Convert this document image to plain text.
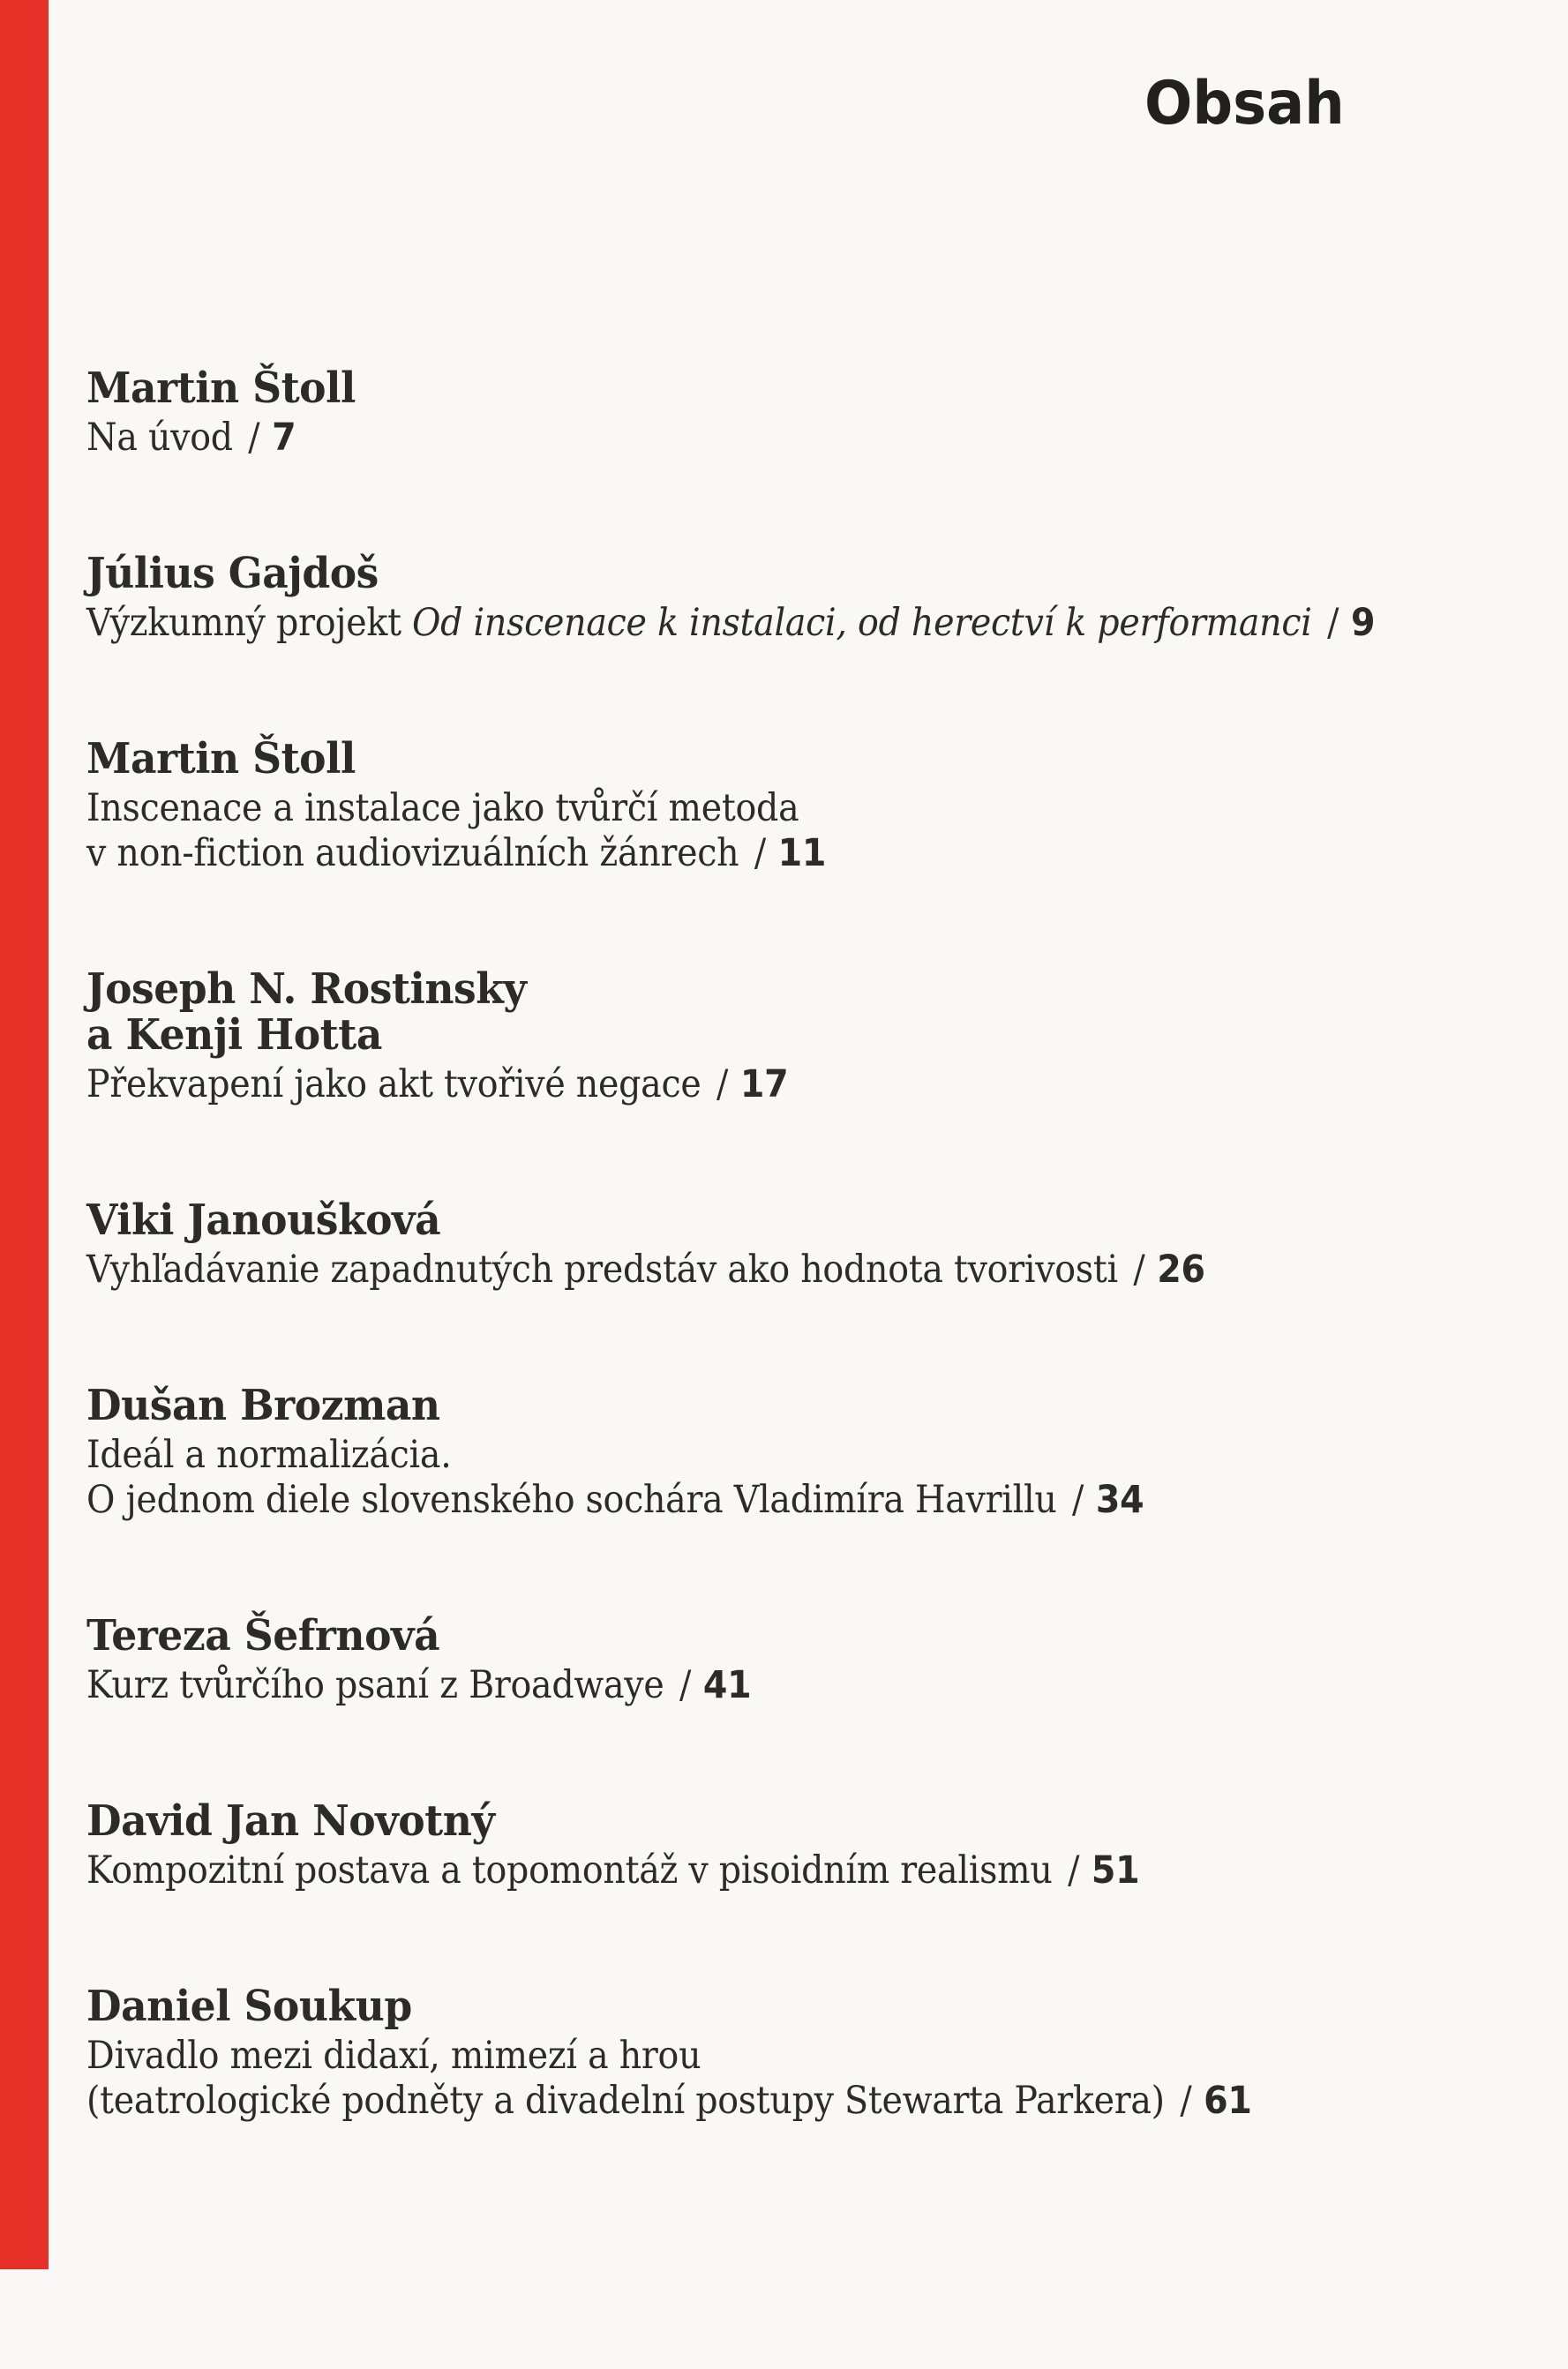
Obsah
Martin Štoll
Na úvod / 7
Július Gajdoš
Výzkumný projekt Od inscenace k instalaci, od herectví k performanci / 9
Martin Štoll
Inscenace a instalace jako tvůrčí metoda
v non-fiction audiovizuálních žánrech / 11
Joseph N. Rostinsky
a Kenji Hotta
Překvapení jako akt tvořivé negace / 17
Viki Janoušková
Vyhľadávanie zapadnutých predstáv ako hodnota tvorivosti / 26
Dušan Brozman
Ideál a normalizácia.
O jednom diele slovenského sochára Vladimíra Havrillu / 34
Tereza Šefrnová
Kurz tvůrčího psaní z Broadwaye / 41
David Jan Novotný
Kompozitní postava a topomontáž v pisoidním realismu / 51
Daniel Soukup
Divadlo mezi didaxí, mimezí a hrou
(teatrologické podněty a divadelní postupy Stewarta Parkera) / 61
